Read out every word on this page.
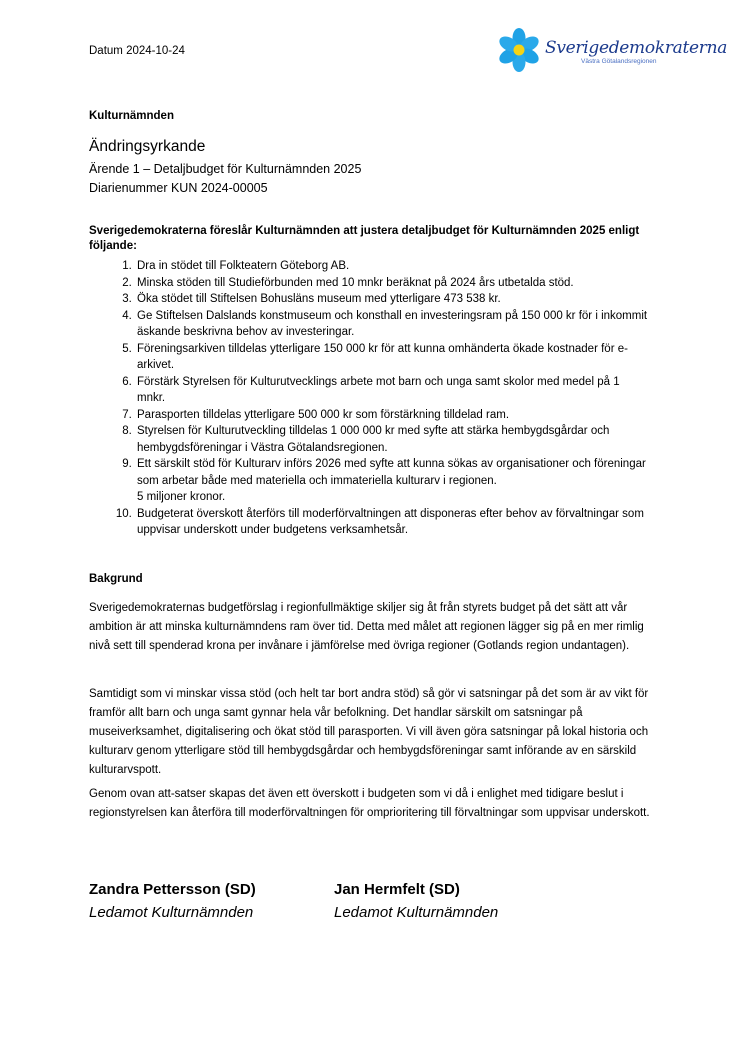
Datum 2024-10-24	Sverigedemokraterna
Västra Götalandsregionen
Kulturnämnden
Ändringsyrkande
Ärende 1 – Detaljbudget för Kulturnämnden 2025
Diarienummer KUN 2024-00005
Sverigedemokraterna föreslår Kulturnämnden att justera detaljbudget för Kulturnämnden 2025 enligt följande:
1. Dra in stödet till Folkteatern Göteborg AB.
2. Minska stöden till Studieförbunden med 10 mnkr beräknat på 2024 års utbetalda stöd.
3. Öka stödet till Stiftelsen Bohusläns museum med ytterligare 473 538 kr.
4. Ge Stiftelsen Dalslands konstmuseum och konsthall en investeringsram på 150 000 kr för i inkommit äskande beskrivna behov av investeringar.
5. Föreningsarkiven tilldelas ytterligare 150 000 kr för att kunna omhänderta ökade kostnader för e-arkivet.
6. Förstärk Styrelsen för Kulturutvecklings arbete mot barn och unga samt skolor med medel på 1 mnkr.
7. Parasporten tilldelas ytterligare 500 000 kr som förstärkning tilldelad ram.
8. Styrelsen för Kulturutveckling tilldelas 1 000 000 kr med syfte att stärka hembygdsgårdar och hembygdsföreningar i Västra Götalandsregionen.
9. Ett särskilt stöd för Kulturarv införs 2026 med syfte att kunna sökas av organisationer och föreningar som arbetar både med materiella och immateriella kulturarv i regionen.
5 miljoner kronor.
10. Budgeterat överskott återförs till moderförvaltningen att disponeras efter behov av förvaltningar som uppvisar underskott under budgetens verksamhetsår.
Bakgrund

Sverigedemokraternas budgetförslag i regionfullmäktige skiljer sig åt från styrets budget på det sätt att vår ambition är att minska kulturnämndens ram över tid. Detta med målet att regionen lägger sig på en mer rimlig nivå sett till spenderad krona per invånare i jämförelse med övriga regioner (Gotlands region undantagen).

Samtidigt som vi minskar vissa stöd (och helt tar bort andra stöd) så gör vi satsningar på det som är av vikt för framför allt barn och unga samt gynnar hela vår befolkning. Det handlar särskilt om satsningar på museiverksamhet, digitalisering och ökat stöd till parasporten. Vi vill även göra satsningar på lokal historia och kulturarv genom ytterligare stöd till hembygdsgårdar och hembygdsföreningar samt införande av en särskild kulturarvspott.

Genom ovan att-satser skapas det även ett överskott i budgeten som vi då i enlighet med tidigare beslut i regionstyrelsen kan återföra till moderförvaltningen för omprioritering till förvaltningar som uppvisar underskott.

Zandra Pettersson (SD)
Ledamot Kulturnämnden
Jan Hermfelt (SD)
Ledamot Kulturnämnden
